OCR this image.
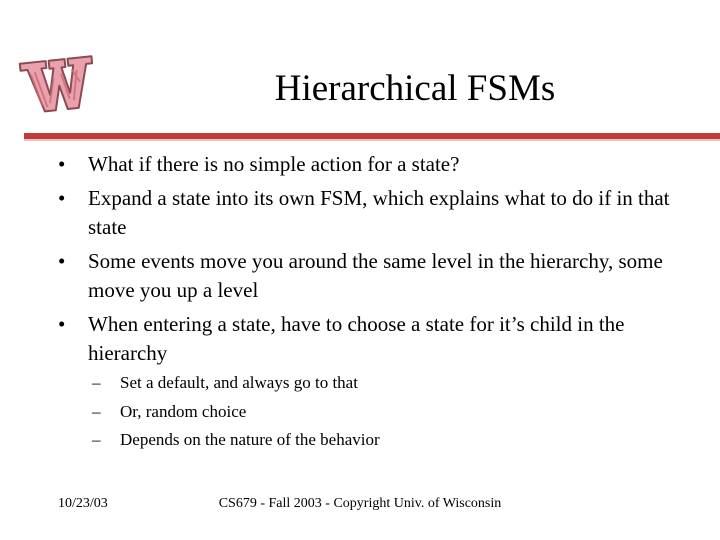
Hierarchical FSMs
• What if there is no simple action for a state?
• Expand a state into its own FSM, which explains what to do if in that state
• Some events move you around the same level in the hierarchy, some move you up a level
• When entering a state, have to choose a state for it’s child in the hierarchy
– Set a default, and always go to that
– Or, random choice
– Depends on the nature of the behavior
10/23/03	CS679 - Fall 2003 - Copyright Univ. of Wisconsin
